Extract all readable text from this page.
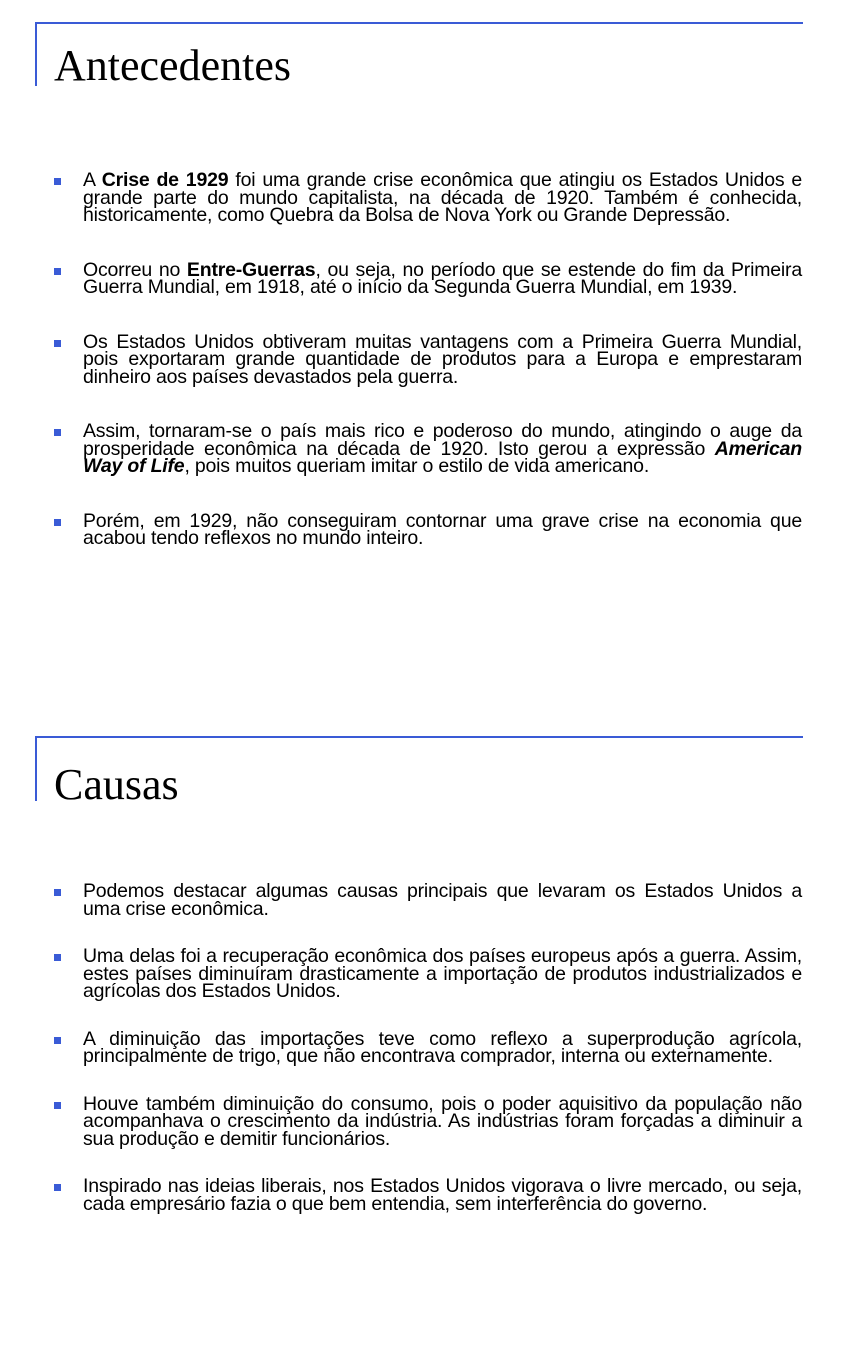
Antecedentes
A Crise de 1929 foi uma grande crise econômica que atingiu os Estados Unidos e grande parte do mundo capitalista, na década de 1920. Também é conhecida, historicamente, como Quebra da Bolsa de Nova York ou Grande Depressão.
Ocorreu no Entre-Guerras, ou seja, no período que se estende do fim da Primeira Guerra Mundial, em 1918, até o início da Segunda Guerra Mundial, em 1939.
Os Estados Unidos obtiveram muitas vantagens com a Primeira Guerra Mundial, pois exportaram grande quantidade de produtos para a Europa e emprestaram dinheiro aos países devastados pela guerra.
Assim, tornaram-se o país mais rico e poderoso do mundo, atingindo o auge da prosperidade econômica na década de 1920. Isto gerou a expressão American Way of Life, pois muitos queriam imitar o estilo de vida americano.
Porém, em 1929, não conseguiram contornar uma grave crise na economia que acabou tendo reflexos no mundo inteiro.
Causas
Podemos destacar algumas causas principais que levaram os Estados Unidos a uma crise econômica.
Uma delas foi a recuperação econômica dos países europeus após a guerra. Assim, estes países diminuíram drasticamente a importação de produtos industrializados e agrícolas dos Estados Unidos.
A diminuição das importações teve como reflexo a superprodução agrícola, principalmente de trigo, que não encontrava comprador, interna ou externamente.
Houve também diminuição do consumo, pois o poder aquisitivo da população não acompanhava o crescimento da indústria. As indústrias foram forçadas a diminuir a sua produção e demitir funcionários.
Inspirado nas ideias liberais, nos Estados Unidos vigorava o livre mercado, ou seja, cada empresário fazia o que bem entendia, sem interferência do governo.
